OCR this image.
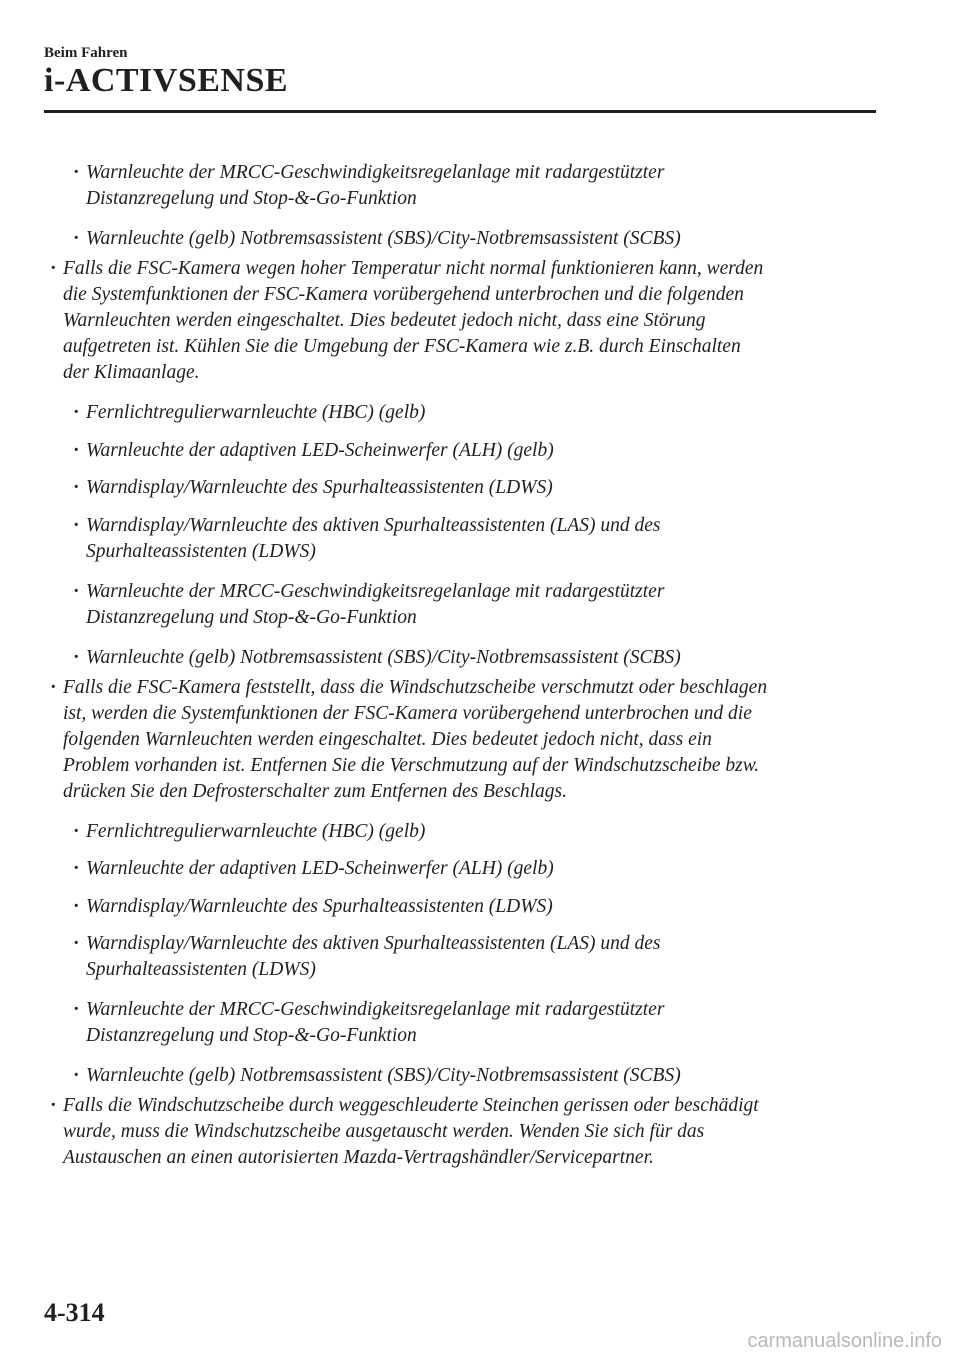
Beim Fahren
i-ACTIVSENSE
· Warnleuchte der MRCC-Geschwindigkeitsregelanlage mit radargestützter

Distanzregelung und Stop-&-Go-Funktion

· Warnleuchte (gelb) Notbremsassistent (SBS)/City-Notbremsassistent (SCBS)

· Falls die FSC-Kamera wegen hoher Temperatur nicht normal funktionieren kann, werden

die Systemfunktionen der FSC-Kamera vorübergehend unterbrochen und die folgenden

Warnleuchten werden eingeschaltet. Dies bedeutet jedoch nicht, dass eine Störung

aufgetreten ist. Kühlen Sie die Umgebung der FSC-Kamera wie z.B. durch Einschalten

der Klimaanlage.

· Fernlichtregulierwarnleuchte (HBC) (gelb)

· Warnleuchte der adaptiven LED-Scheinwerfer (ALH) (gelb)

· Warndisplay/Warnleuchte des Spurhalteassistenten (LDWS)

· Warndisplay/Warnleuchte des aktiven Spurhalteassistenten (LAS) und des

Spurhalteassistenten (LDWS)

· Warnleuchte der MRCC-Geschwindigkeitsregelanlage mit radargestützter

Distanzregelung und Stop-&-Go-Funktion

· Warnleuchte (gelb) Notbremsassistent (SBS)/City-Notbremsassistent (SCBS)

· Falls die FSC-Kamera feststellt, dass die Windschutzscheibe verschmutzt oder beschlagen

ist, werden die Systemfunktionen der FSC-Kamera vorübergehend unterbrochen und die

folgenden Warnleuchten werden eingeschaltet. Dies bedeutet jedoch nicht, dass ein

Problem vorhanden ist. Entfernen Sie die Verschmutzung auf der Windschutzscheibe bzw.

drücken Sie den Defrosterschalter zum Entfernen des Beschlags.

· Fernlichtregulierwarnleuchte (HBC) (gelb)

· Warnleuchte der adaptiven LED-Scheinwerfer (ALH) (gelb)

· Warndisplay/Warnleuchte des Spurhalteassistenten (LDWS)

· Warndisplay/Warnleuchte des aktiven Spurhalteassistenten (LAS) und des

Spurhalteassistenten (LDWS)

· Warnleuchte der MRCC-Geschwindigkeitsregelanlage mit radargestützter

Distanzregelung und Stop-&-Go-Funktion

· Warnleuchte (gelb) Notbremsassistent (SBS)/City-Notbremsassistent (SCBS)

· Falls die Windschutzscheibe durch weggeschleuderte Steinchen gerissen oder beschädigt

wurde, muss die Windschutzscheibe ausgetauscht werden. Wenden Sie sich für das

Austauschen an einen autorisierten Mazda-Vertragshändler/Servicepartner.

4-314
carmanualsonline.info
